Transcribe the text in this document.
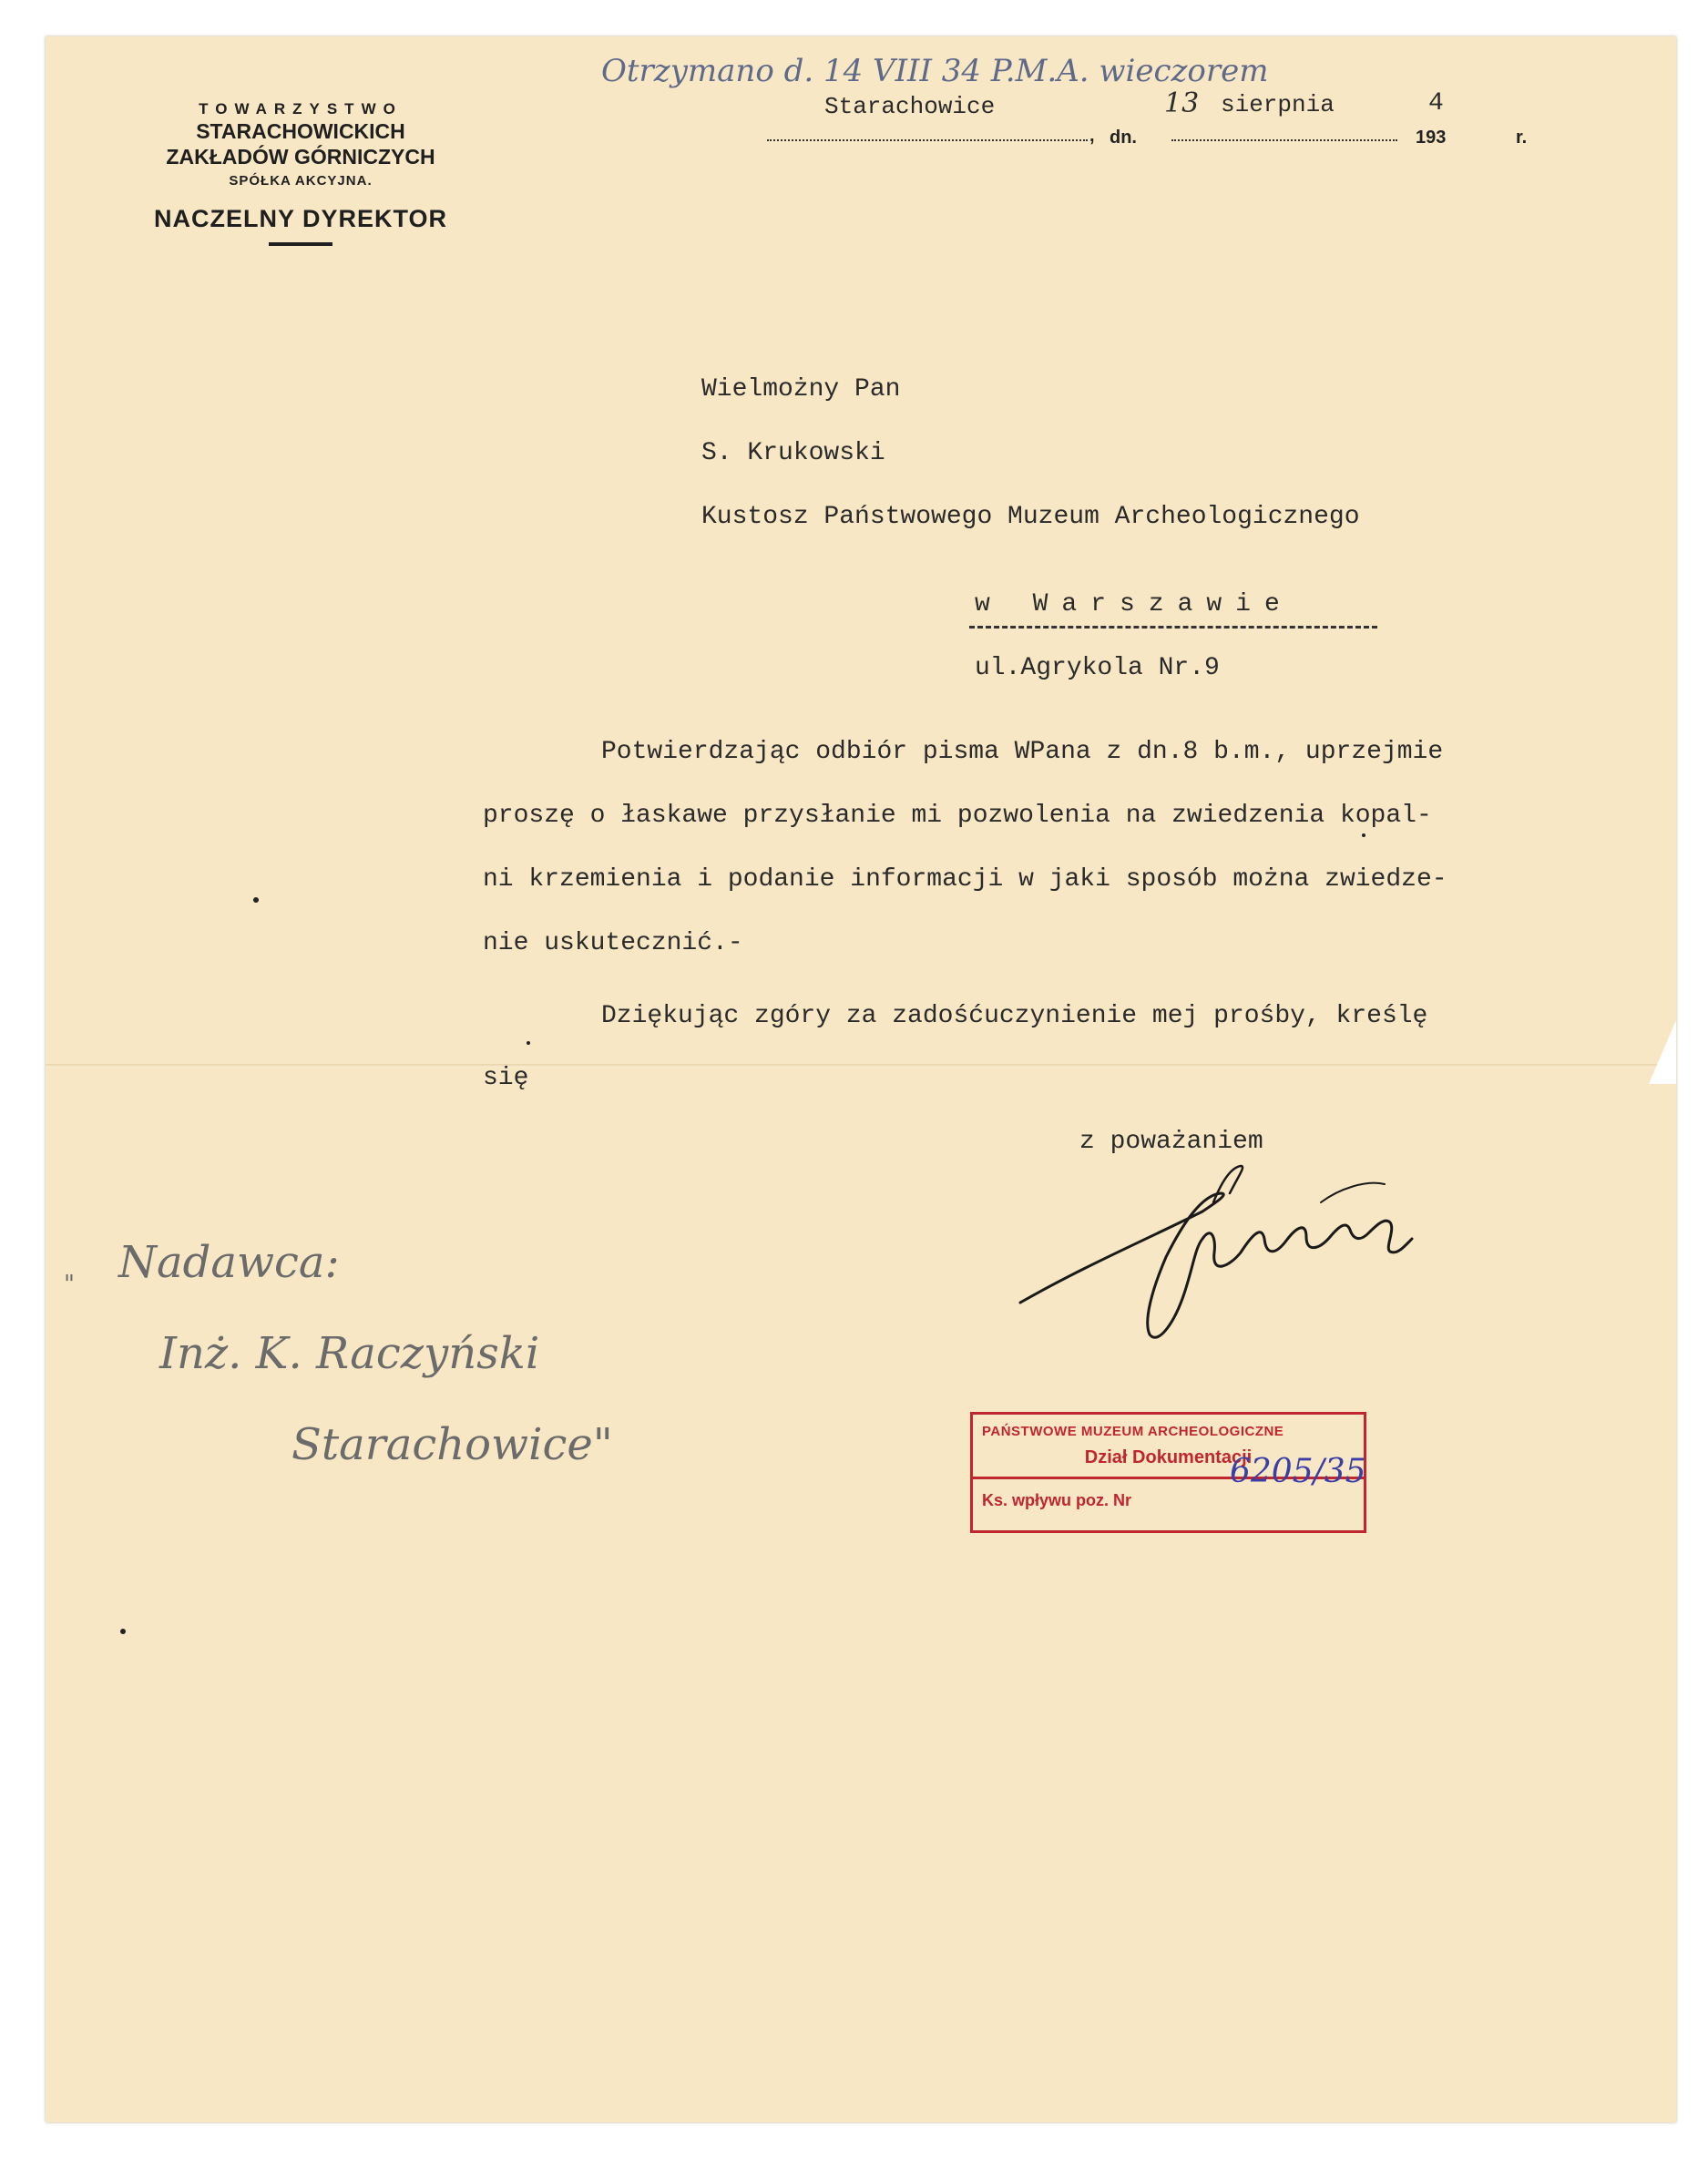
TOWARZYSTWO
STARACHOWICKICH
ZAKŁADÓW GÓRNICZYCH
SPÓŁKA AKCYJNA.
NACZELNY DYREKTOR
Otrzymano d. 14 VIII 34 P.M.A. wieczorem
Starachowice	13 sierpnia	4
, dn.	193	r.
Wielmożny Pan
S. Krukowski
Kustosz Państwowego Muzeum Archeologicznego
w Warszawie
ul.Agrykola Nr.9
Potwierdzając odbiór pisma WPana z dn.8 b.m., uprzejmie
proszę o łaskawe przysłanie mi pozwolenia na zwiedzenia kopal-
ni krzemienia i podanie informacji w jaki sposób można zwiedze-
nie uskutecznić.-
Dziękując zgóry za zadośćuczynienie mej prośby, kreślę
się
z poważaniem
" Nadawca:
Inż. K. Raczyński
Starachowice"	PAŃSTWOWE MUZEUM ARCHEOLOGICZNE
Dział Dokumentacji
Ks. wpływu poz. Nr
6205/35
